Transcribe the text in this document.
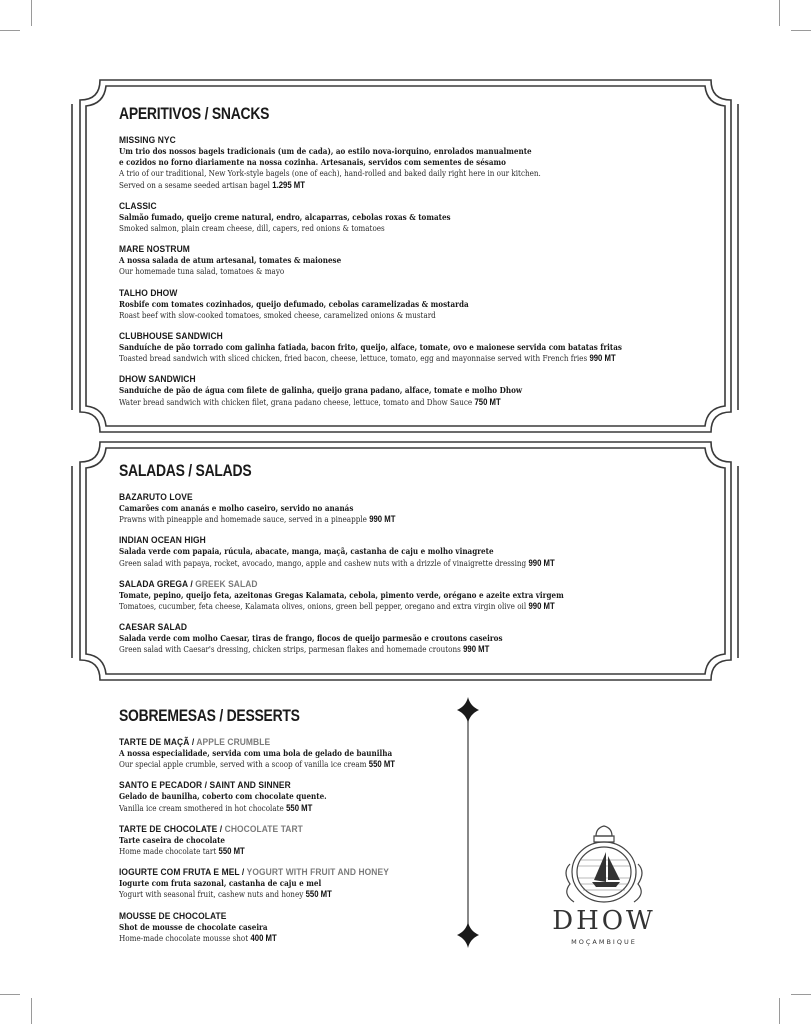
APERITIVOS / SNACKS
MISSING NYC
Um trio dos nossos bagels tradicionais (um de cada), ao estilo nova-iorquino, enrolados manualmente
e cozidos no forno diariamente na nossa cozinha. Artesanais, servidos com sementes de sésamo
A trio of our traditional, New York-style bagels (one of each), hand-rolled and baked daily right here in our kitchen.
Served on a sesame seeded artisan bagel 1.295 MT
CLASSIC
Salmão fumado, queijo creme natural, endro, alcaparras, cebolas roxas & tomates
Smoked salmon, plain cream cheese, dill, capers, red onions & tomatoes
MARE NOSTRUM
A nossa salada de atum artesanal, tomates & maionese
Our homemade tuna salad, tomatoes & mayo
TALHO DHOW
Rosbife com tomates cozinhados, queijo defumado, cebolas caramelizadas & mostarda
Roast beef with slow-cooked tomatoes, smoked cheese, caramelized onions & mustard
CLUBHOUSE SANDWICH
Sanduíche de pão torrado com galinha fatiada, bacon frito, queijo, alface, tomate, ovo e maionese servida com batatas fritas
Toasted bread sandwich with sliced chicken, fried bacon, cheese, lettuce, tomato, egg and mayonnaise served with French fries 990 MT
DHOW SANDWICH
Sanduíche de pão de água com filete de galinha, queijo grana padano, alface, tomate e molho Dhow
Water bread sandwich with chicken filet, grana padano cheese, lettuce, tomato and Dhow Sauce 750 MT
SALADAS / SALADS
BAZARUTO LOVE
Camarões com ananás e molho caseiro, servido no ananás
Prawns with pineapple and homemade sauce, served in a pineapple 990 MT
INDIAN OCEAN HIGH
Salada verde com papaia, rúcula, abacate, manga, maçã, castanha de caju e molho vinagrete
Green salad with papaya, rocket, avocado, mango, apple and cashew nuts with a drizzle of vinaigrette dressing 990 MT
SALADA GREGA / GREEK SALAD
Tomate, pepino, queijo feta, azeitonas Gregas Kalamata, cebola, pimento verde, orégano e azeite extra virgem
Tomatoes, cucumber, feta cheese, Kalamata olives, onions, green bell pepper, oregano and extra virgin olive oil 990 MT
CAESAR SALAD
Salada verde com molho Caesar, tiras de frango, flocos de queijo parmesão e croutons caseiros
Green salad with Caesar's dressing, chicken strips, parmesan flakes and homemade croutons 990 MT
SOBREMESAS / DESSERTS
TARTE DE MAÇÃ / APPLE CRUMBLE
A nossa especialidade, servida com uma bola de gelado de baunilha
Our special apple crumble, served with a scoop of vanilla ice cream 550 MT
SANTO E PECADOR / SAINT AND SINNER
Gelado de baunilha, coberto com chocolate quente.
Vanilla ice cream smothered in hot chocolate 550 MT
TARTE DE CHOCOLATE / CHOCOLATE TART
Tarte caseira de chocolate
Home made chocolate tart 550 MT
IOGURTE COM FRUTA E MEL / YOGURT WITH FRUIT AND HONEY
Iogurte com fruta sazonal, castanha de caju e mel
Yogurt with seasonal fruit, cashew nuts and honey 550 MT
MOUSSE DE CHOCOLATE
Shot de mousse de chocolate caseira
Home-made chocolate mousse shot 400 MT
DHOW
MOÇAMBIQUE
